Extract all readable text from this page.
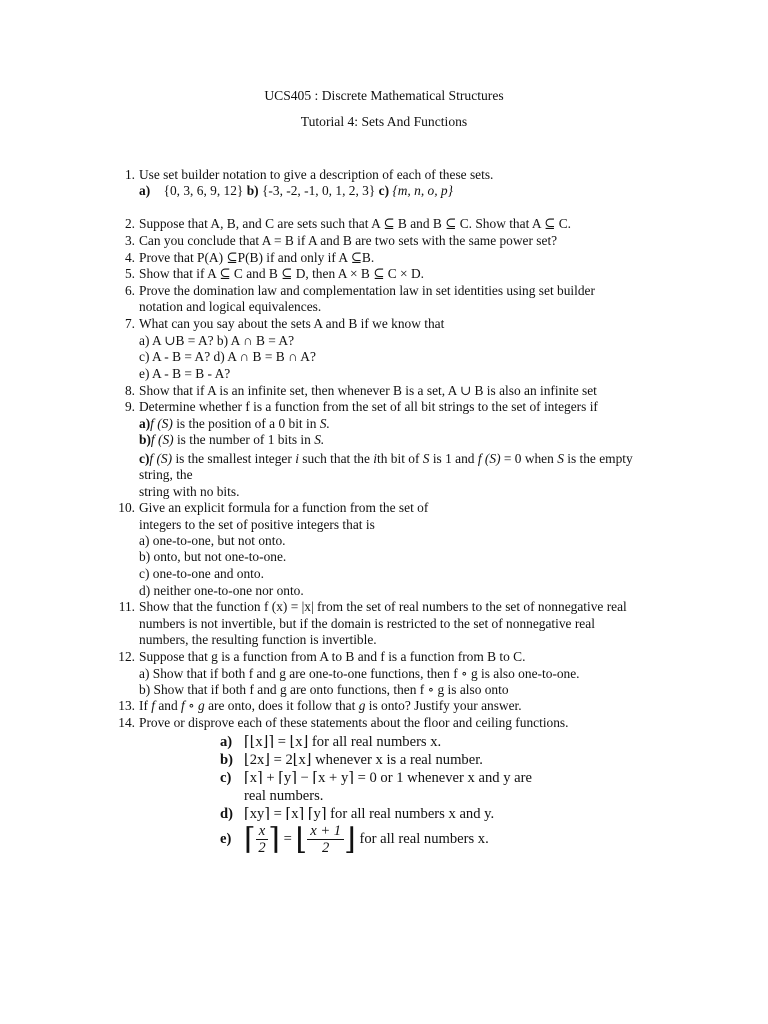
UCS405 : Discrete Mathematical Structures
Tutorial 4: Sets And Functions
1. Use set builder notation to give a description of each of these sets.
a) {0, 3, 6, 9, 12} b) {-3, -2, -1, 0, 1, 2, 3} c) {m, n, o, p}
2. Suppose that A, B, and C are sets such that A ⊆ B and B ⊆ C. Show that A ⊆ C.
3. Can you conclude that A = B if A and B are two sets with the same power set?
4. Prove that P(A) ⊆P(B) if and only if A ⊆B.
5. Show that if A ⊆ C and B ⊆ D, then A × B ⊆ C × D.
6. Prove the domination law and complementation law in set identities using set builder
notation and logical equivalences.
7. What can you say about the sets A and B if we know that
a) A ∪B = A? b) A ∩ B = A?
c) A - B = A? d) A ∩ B = B ∩ A?
e) A - B = B - A?
8. Show that if A is an infinite set, then whenever B is a set, A ∪ B is also an infinite set
9. Determine whether f is a function from the set of all bit strings to the set of integers if
a)f (S) is the position of a 0 bit in S.
b)f (S) is the number of 1 bits in S.
c)f (S) is the smallest integer i such that the ith bit of S is 1 and f (S) = 0 when S is the empty
string, the
string with no bits.
10. Give an explicit formula for a function from the set of
integers to the set of positive integers that is
a) one-to-one, but not onto.
b) onto, but not one-to-one.
c) one-to-one and onto.
d) neither one-to-one nor onto.
11. Show that the function f (x) = |x| from the set of real numbers to the set of nonnegative real
numbers is not invertible, but if the domain is restricted to the set of nonnegative real
numbers, the resulting function is invertible.
12. Suppose that g is a function from A to B and f is a function from B to C.
a) Show that if both f and g are one-to-one functions, then f ∘ g is also one-to-one.
b) Show that if both f and g are onto functions, then f ∘ g is also onto
13. If f and f ∘ g are onto, does it follow that g is onto? Justify your answer.
14. Prove or disprove each of these statements about the floor and ceiling functions.
a) ⌈⌊x⌋⌉ = ⌊x⌋ for all real numbers x.
b) ⌊2x⌋ = 2⌊x⌋ whenever x is a real number.
c) ⌈x⌉ + ⌈y⌉ − ⌈x + y⌉ = 0 or 1 whenever x and y are
real numbers.
d) ⌈xy⌉ = ⌈x⌉ ⌈y⌉ for all real numbers x and y.
e) ⌈ $\frac{x}{2}$ ⌉ = ⌊ $\frac{x + 1}{2}$ ⌋ for all real numbers x.
